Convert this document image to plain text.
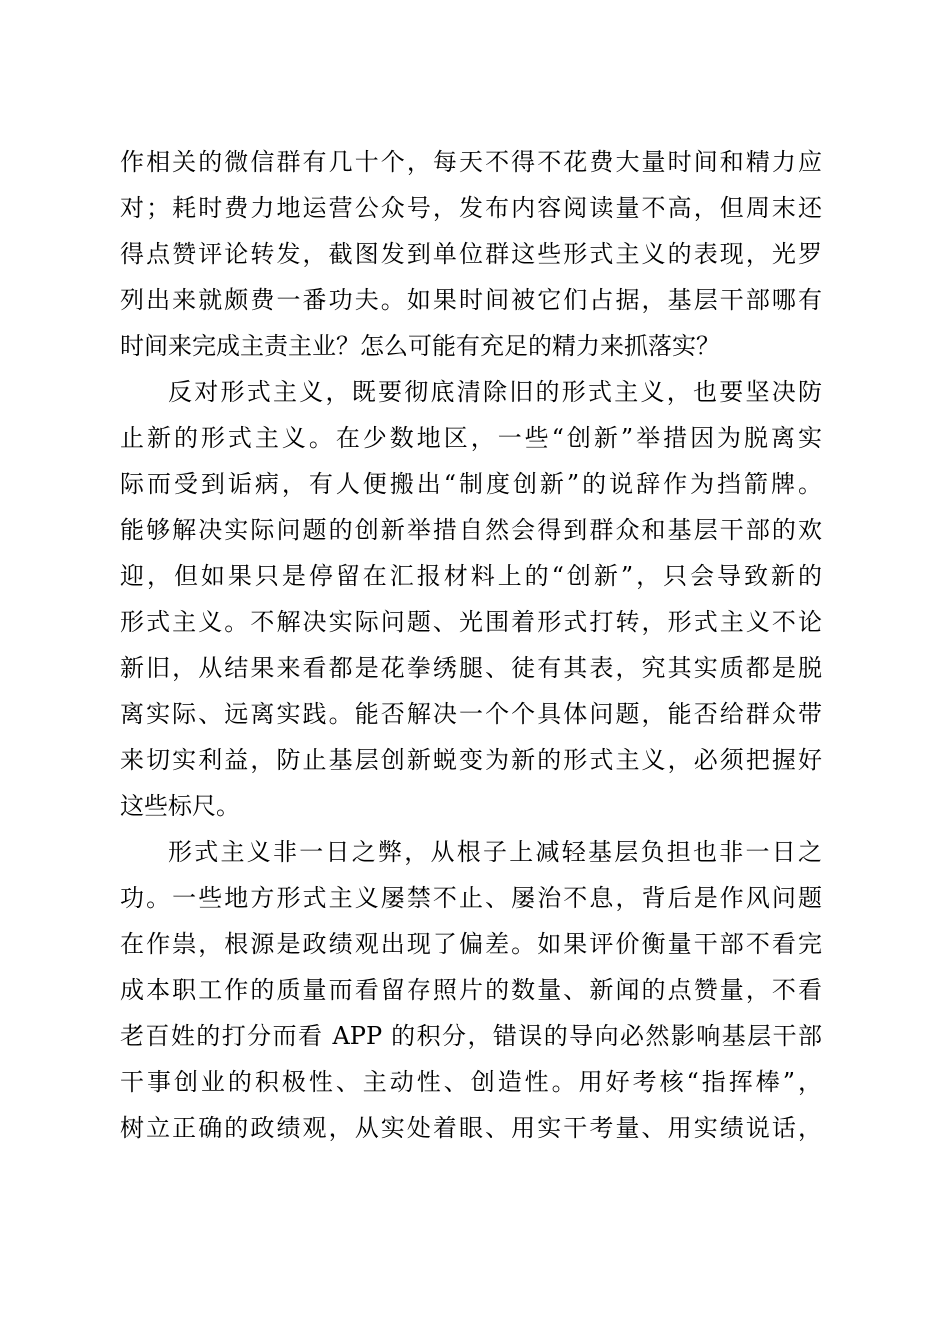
作相关的微信群有几十个，每天不得不花费大量时间和精力应
对；耗时费力地运营公众号，发布内容阅读量不高，但周末还
得点赞评论转发，截图发到单位群这些形式主义的表现，光罗
列出来就颇费一番功夫。如果时间被它们占据，基层干部哪有
时间来完成主责主业？怎么可能有充足的精力来抓落实？
反对形式主义，既要彻底清除旧的形式主义，也要坚决防
止新的形式主义。在少数地区，一些“创新”举措因为脱离实
际而受到诟病，有人便搬出“制度创新”的说辞作为挡箭牌。
能够解决实际问题的创新举措自然会得到群众和基层干部的欢
迎，但如果只是停留在汇报材料上的“创新”，只会导致新的
形式主义。不解决实际问题、光围着形式打转，形式主义不论
新旧，从结果来看都是花拳绣腿、徒有其表，究其实质都是脱
离实际、远离实践。能否解决一个个具体问题，能否给群众带
来切实利益，防止基层创新蜕变为新的形式主义，必须把握好
这些标尺。
形式主义非一日之弊，从根子上减轻基层负担也非一日之
功。一些地方形式主义屡禁不止、屡治不息，背后是作风问题
在作祟，根源是政绩观出现了偏差。如果评价衡量干部不看完
成本职工作的质量而看留存照片的数量、新闻的点赞量，不看
老百姓的打分而看 APP 的积分，错误的导向必然影响基层干部
干事创业的积极性、主动性、创造性。用好考核“指挥棒”，
树立正确的政绩观，从实处着眼、用实干考量、用实绩说话，
